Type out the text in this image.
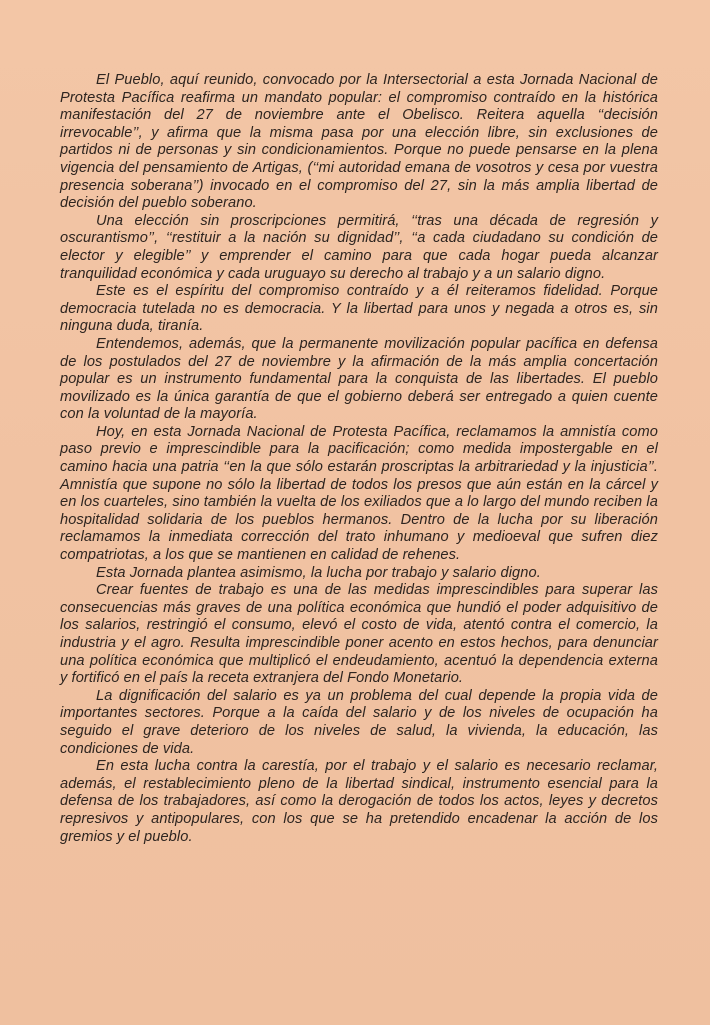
El Pueblo, aquí reunido, convocado por la Intersectorial a esta Jornada Nacional de Protesta Pacífica reafirma un mandato popular: el compromiso contraído en la histórica manifestación del 27 de noviembre ante el Obelisco. Reitera aquella ‘‘decisión irrevocable’’, y afirma que la misma pasa por una elección libre, sin exclusiones de partidos ni de personas y sin condicionamientos. Porque no puede pensarse en la plena vigencia del pensamiento de Artigas, (‘‘mi autoridad emana de vosotros y cesa por vuestra presencia soberana’’) invocado en el compromiso del 27, sin la más amplia libertad de decisión del pueblo soberano.

Una elección sin proscripciones permitirá, ‘‘tras una década de regresión y oscurantismo’’, ‘‘restituir a la nación su dignidad’’, ‘‘a cada ciudadano su condición de elector y elegible’’ y emprender el camino para que cada hogar pueda alcanzar tranquilidad económica y cada uruguayo su derecho al trabajo y a un salario digno.

Este es el espíritu del compromiso contraído y a él reiteramos fidelidad. Porque democracia tutelada no es democracia. Y la libertad para unos y negada a otros es, sin ninguna duda, tiranía.

Entendemos, además, que la permanente movilización popular pacífica en defensa de los postulados del 27 de noviembre y la afirmación de la más amplia concertación popular es un instrumento fundamental para la conquista de las libertades. El pueblo movilizado es la única garantía de que el gobierno deberá ser entregado a quien cuente con la voluntad de la mayoría.

Hoy, en esta Jornada Nacional de Protesta Pacífica, reclamamos la amnistía como paso previo e imprescindible para la pacificación; como medida impostergable en el camino hacia una patria ‘‘en la que sólo estarán proscriptas la arbitrariedad y la injusticia’’. Amnistía que supone no sólo la libertad de todos los presos que aún están en la cárcel y en los cuarteles, sino también la vuelta de los exiliados que a lo largo del mundo reciben la hospitalidad solidaria de los pueblos hermanos. Dentro de la lucha por su liberación reclamamos la inmediata corrección del trato inhumano y medioeval que sufren diez compatriotas, a los que se mantienen en calidad de rehenes.

Esta Jornada plantea asimismo, la lucha por trabajo y salario digno.

Crear fuentes de trabajo es una de las medidas imprescindibles para superar las consecuencias más graves de una política económica que hundió el poder adquisitivo de los salarios, restringió el consumo, elevó el costo de vida, atentó contra el comercio, la industria y el agro. Resulta imprescindible poner acento en estos hechos, para denunciar una política económica que multiplicó el endeudamiento, acentuó la dependencia externa y fortificó en el país la receta extranjera del Fondo Monetario.

La dignificación del salario es ya un problema del cual depende la propia vida de importantes sectores. Porque a la caída del salario y de los niveles de ocupación ha seguido el grave deterioro de los niveles de salud, la vivienda, la educación, las condiciones de vida.

En esta lucha contra la carestía, por el trabajo y el salario es necesario reclamar, además, el restablecimiento pleno de la libertad sindical, instrumento esencial para la defensa de los trabajadores, así como la derogación de todos los actos, leyes y decretos represivos y antipopulares, con los que se ha pretendido encadenar la acción de los gremios y el pueblo.
